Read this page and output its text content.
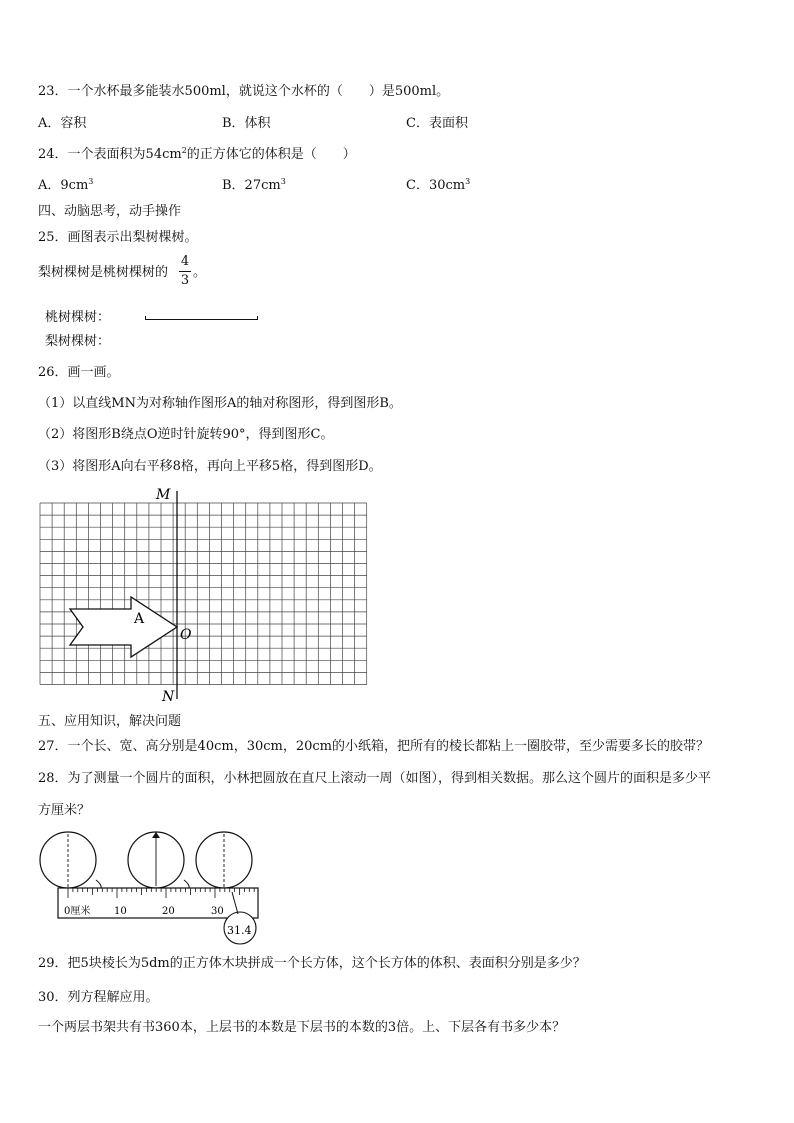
23．一个水杯最多能装水500ml，就说这个水杯的（　　）是500ml。
A．容积	B．体积	C．表面积
24．一个表面积为$54cm^2$的正方体它的体积是（　　）
A．$9cm^3$	B．$27cm^3$	C．$30cm^3$
四、动脑思考，动手操作
25．画图表示出梨树棵树。
梨树棵树是桃树棵树的
4
3
。
桃树棵树：
梨树棵树：
26．画一画。
（1）以直线MN为对称轴作图形A的轴对称图形，得到图形B。
（2）将图形B绕点O逆时针旋转90°，得到图形C。
（3）将图形A向右平移8格，再向上平移5格，得到图形D。
M
N
O
A
五、应用知识，解决问题
27．一个长、宽、高分别是40cm，30cm，20cm的小纸箱，把所有的棱长都粘上一圈胶带，至少需要多长的胶带？
28．为了测量一个圆片的面积，小林把圆放在直尺上滚动一周（如图），得到相关数据。那么这个圆片的面积是多少平
方厘米？
0厘米 10	20	30
31.4
29．把5块棱长为5dm的正方体木块拼成一个长方体，这个长方体的体积、表面积分别是多少？
30．列方程解应用。
一个两层书架共有书360本，上层书的本数是下层书的本数的3倍。上、下层各有书多少本？
